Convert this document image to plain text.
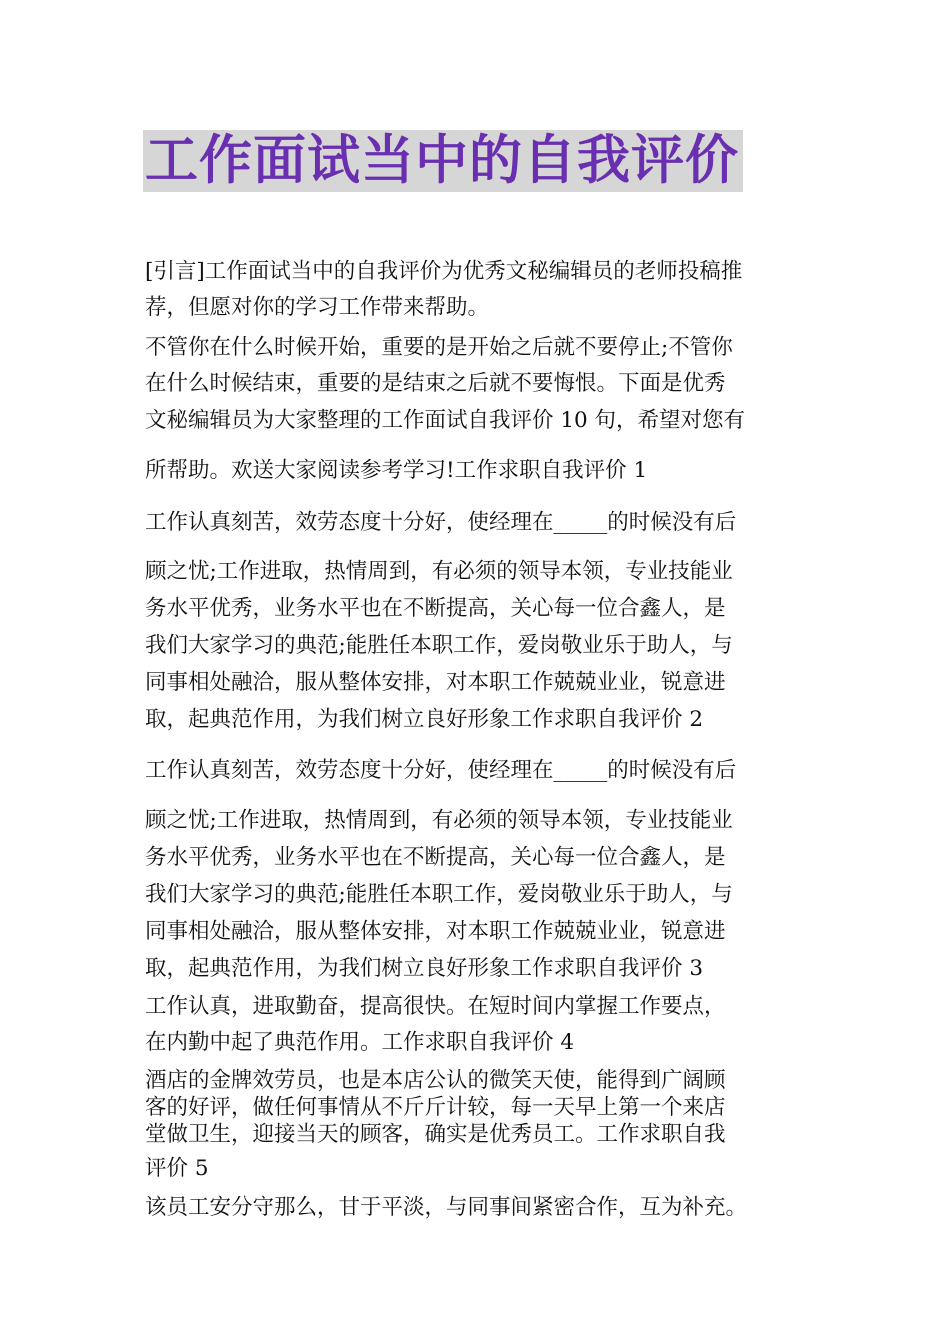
工作面试当中的自我评价
[引言]工作面试当中的自我评价为优秀文秘编辑员的老师投稿推
荐，但愿对你的学习工作带来帮助。
不管你在什么时候开始，重要的是开始之后就不要停止;不管你
在什么时候结束，重要的是结束之后就不要悔恨。下面是优秀
文秘编辑员为大家整理的工作面试自我评价 10 句，希望对您有
所帮助。欢送大家阅读参考学习!工作求职自我评价 1
工作认真刻苦，效劳态度十分好，使经理在_____的时候没有后
顾之忧;工作进取，热情周到，有必须的领导本领，专业技能业
务水平优秀，业务水平也在不断提高，关心每一位合鑫人，是
我们大家学习的典范;能胜任本职工作，爱岗敬业乐于助人，与
同事相处融洽，服从整体安排，对本职工作兢兢业业，锐意进
取，起典范作用，为我们树立良好形象工作求职自我评价 2
工作认真刻苦，效劳态度十分好，使经理在_____的时候没有后
顾之忧;工作进取，热情周到，有必须的领导本领，专业技能业
务水平优秀，业务水平也在不断提高，关心每一位合鑫人，是
我们大家学习的典范;能胜任本职工作，爱岗敬业乐于助人，与
同事相处融洽，服从整体安排，对本职工作兢兢业业，锐意进
取，起典范作用，为我们树立良好形象工作求职自我评价 3
工作认真，进取勤奋，提高很快。在短时间内掌握工作要点，
在内勤中起了典范作用。工作求职自我评价 4
酒店的金牌效劳员，也是本店公认的微笑天使，能得到广阔顾
客的好评，做任何事情从不斤斤计较，每一天早上第一个来店
堂做卫生，迎接当天的顾客，确实是优秀员工。工作求职自我
评价 5
该员工安分守那么，甘于平淡，与同事间紧密合作，互为补充。
